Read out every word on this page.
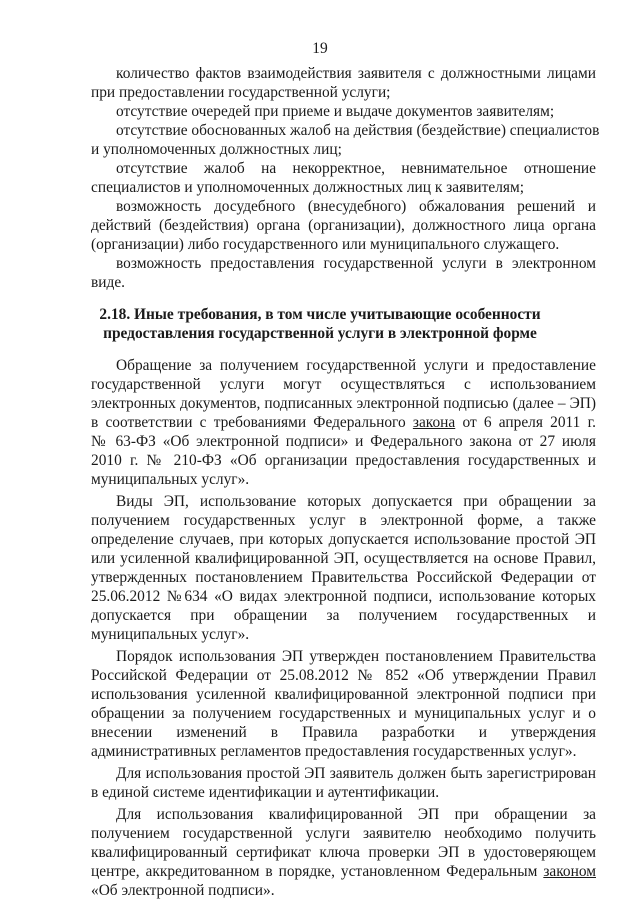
19
количество фактов взаимодействия заявителя с должностными лицами
при предоставлении государственной услуги;
отсутствие очередей при приеме и выдаче документов заявителям;
отсутствие обоснованных жалоб на действия (бездействие) специалистов
и уполномоченных должностных лиц;
отсутствие жалоб на некорректное, невнимательное отношение
специалистов и уполномоченных должностных лиц к заявителям;
возможность досудебного (внесудебного) обжалования решений и
действий (бездействия) органа (организации), должностного лица органа
(организации) либо государственного или муниципального служащего.
возможность предоставления государственной услуги в электронном
виде.
2.18. Иные требования, в том числе учитывающие особенности
предоставления государственной услуги в электронной форме
Обращение за получением государственной услуги и предоставление
государственной услуги могут осуществляться с использованием
электронных документов, подписанных электронной подписью (далее – ЭП)
в соответствии с требованиями Федерального закона от 6 апреля 2011 г.
№ 63-ФЗ «Об электронной подписи» и Федерального закона от 27 июля
2010 г. № 210-ФЗ «Об организации предоставления государственных и
муниципальных услуг».
Виды ЭП, использование которых допускается при обращении за
получением государственных услуг в электронной форме, а также
определение случаев, при которых допускается использование простой ЭП
или усиленной квалифицированной ЭП, осуществляется на основе Правил,
утвержденных постановлением Правительства Российской Федерации от
25.06.2012 №634 «О видах электронной подписи, использование которых
допускается при обращении за получением государственных и
муниципальных услуг».
Порядок использования ЭП утвержден постановлением Правительства
Российской Федерации от 25.08.2012 № 852 «Об утверждении Правил
использования усиленной квалифицированной электронной подписи при
обращении за получением государственных и муниципальных услуг и о
внесении изменений в Правила разработки и утверждения
административных регламентов предоставления государственных услуг».
Для использования простой ЭП заявитель должен быть зарегистрирован
в единой системе идентификации и аутентификации.
Для использования квалифицированной ЭП при обращении за
получением государственной услуги заявителю необходимо получить
квалифицированный сертификат ключа проверки ЭП в удостоверяющем
центре, аккредитованном в порядке, установленном Федеральным законом
«Об электронной подписи».
